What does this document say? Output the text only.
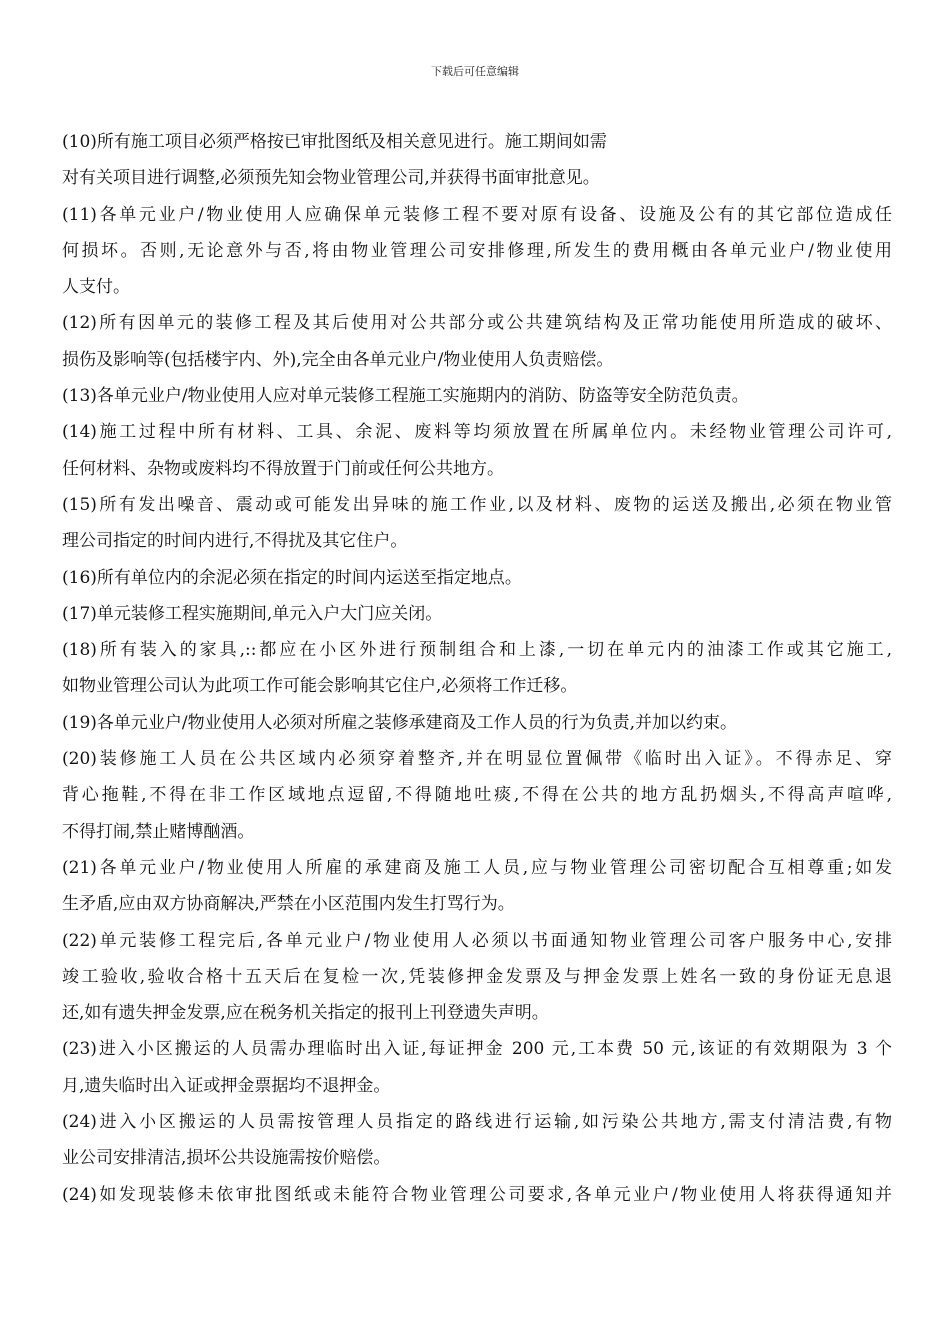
下载后可任意编辑
(10)所有施工项目必须严格按已审批图纸及相关意见进行。施工期间如需
对有关项目进行调整,必须预先知会物业管理公司,并获得书面审批意见。
(11)各单元业户/物业使用人应确保单元装修工程不要对原有设备、设施及公有的其它部位造成任
何损坏。否则,无论意外与否,将由物业管理公司安排修理,所发生的费用概由各单元业户/物业使用
人支付。
(12)所有因单元的装修工程及其后使用对公共部分或公共建筑结构及正常功能使用所造成的破坏、
损伤及影响等(包括楼宇内、外),完全由各单元业户/物业使用人负责赔偿。
(13)各单元业户/物业使用人应对单元装修工程施工实施期内的消防、防盗等安全防范负责。
(14)施工过程中所有材料、工具、余泥、废料等均须放置在所属单位内。未经物业管理公司许可,
任何材料、杂物或废料均不得放置于门前或任何公共地方。
(15)所有发出噪音、震动或可能发出异味的施工作业,以及材料、废物的运送及搬出,必须在物业管
理公司指定的时间内进行,不得扰及其它住户。
(16)所有单位内的余泥必须在指定的时间内运送至指定地点。
(17)单元装修工程实施期间,单元入户大门应关闭。
(18)所有装入的家具,::都应在小区外进行预制组合和上漆,一切在单元内的油漆工作或其它施工,
如物业管理公司认为此项工作可能会影响其它住户,必须将工作迁移。
(19)各单元业户/物业使用人必须对所雇之装修承建商及工作人员的行为负责,并加以约束。
(20)装修施工人员在公共区域内必须穿着整齐,并在明显位置佩带《临时出入证》。不得赤足、穿
背心拖鞋,不得在非工作区域地点逗留,不得随地吐痰,不得在公共的地方乱扔烟头,不得高声喧哗,
不得打闹,禁止赌博酗酒。
(21)各单元业户/物业使用人所雇的承建商及施工人员,应与物业管理公司密切配合互相尊重;如发
生矛盾,应由双方协商解决,严禁在小区范围内发生打骂行为。
(22)单元装修工程完后,各单元业户/物业使用人必须以书面通知物业管理公司客户服务中心,安排
竣工验收,验收合格十五天后在复检一次,凭装修押金发票及与押金发票上姓名一致的身份证无息退
还,如有遗失押金发票,应在税务机关指定的报刊上刊登遗失声明。
(23)进入小区搬运的人员需办理临时出入证,每证押金 200 元,工本费 50 元,该证的有效期限为 3 个
月,遗失临时出入证或押金票据均不退押金。
(24)进入小区搬运的人员需按管理人员指定的路线进行运输,如污染公共地方,需支付清洁费,有物
业公司安排清洁,损坏公共设施需按价赔偿。
(24)如发现装修未依审批图纸或未能符合物业管理公司要求,各单元业户/物业使用人将获得通知并
